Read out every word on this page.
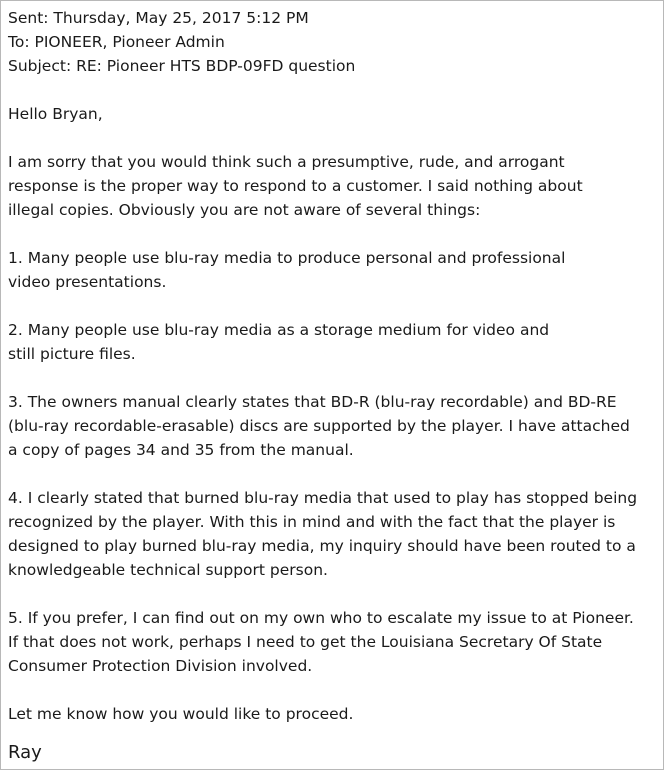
Sent: Thursday, May 25, 2017 5:12 PM
To: PIONEER, Pioneer Admin
Subject: RE: Pioneer HTS BDP-09FD question
Hello Bryan,
I am sorry that you would think such a presumptive, rude, and arrogant
response is the proper way to respond to a customer. I said nothing about
illegal copies. Obviously you are not aware of several things:
1. Many people use blu-ray media to produce personal and professional
video presentations.
2. Many people use blu-ray media as a storage medium for video and
still picture files.
3. The owners manual clearly states that BD-R (blu-ray recordable) and BD-RE
(blu-ray recordable-erasable) discs are supported by the player. I have attached
a copy of pages 34 and 35 from the manual.
4. I clearly stated that burned blu-ray media that used to play has stopped being
recognized by the player. With this in mind and with the fact that the player is
designed to play burned blu-ray media, my inquiry should have been routed to a
knowledgeable technical support person.
5. If you prefer, I can find out on my own who to escalate my issue to at Pioneer.
If that does not work, perhaps I need to get the Louisiana Secretary Of State
Consumer Protection Division involved.
Let me know how you would like to proceed.
Ray
